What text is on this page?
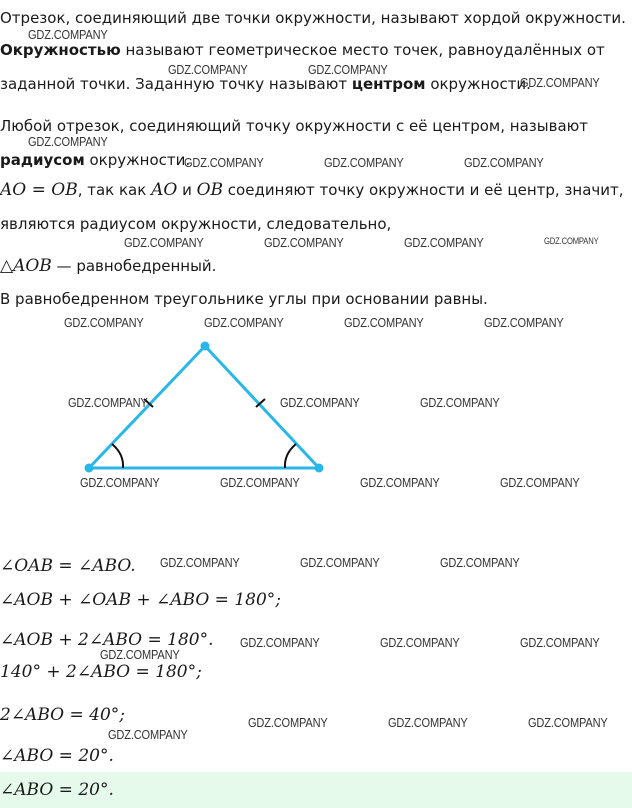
Отрезок, соединяющий две точки окружности, называют хордой окружности.
Окружностью называют геометрическое место точек, равноудалённых от
заданной точки. Заданную точку называют центром окружности.
Любой отрезок, соединяющий точку окружности с её центром, называют
радиусом окружности.
AO = OB, так как AO и OB соединяют точку окружности и её центр, значит,
являются радиусом окружности, следовательно,
△AOB — равнобедренный.
В равнобедренном треугольнике углы при основании равны.
∠OAB = ∠ABO.
∠AOB + ∠OAB + ∠ABO = 180°;
∠AOB + 2∠ABO = 180°.
140° + 2∠ABO = 180°;
2∠ABO = 40°;
∠ABO = 20°.
∠ABO = 20°.
GDZ.COMPANY
GDZ.COMPANY	GDZ.COMPANY
GDZ.COMPANY
GDZ.COMPANY
GDZ.COMPANY	GDZ.COMPANY	GDZ.COMPANY
GDZ.COMPANY	GDZ.COMPANY	GDZ.COMPANY	GDZ.COMPANY
GDZ.COMPANY	GDZ.COMPANY	GDZ.COMPANY	GDZ.COMPANY
GDZ.COMPANY	GDZ.COMPANY	GDZ.COMPANY
GDZ.COMPANY	GDZ.COMPANY	GDZ.COMPANY	GDZ.COMPANY
GDZ.COMPANY	GDZ.COMPANY	GDZ.COMPANY
GDZ.COMPANY	GDZ.COMPANY	GDZ.COMPANY
GDZ.COMPANY
GDZ.COMPANY	GDZ.COMPANY	GDZ.COMPANY
GDZ.COMPANY
